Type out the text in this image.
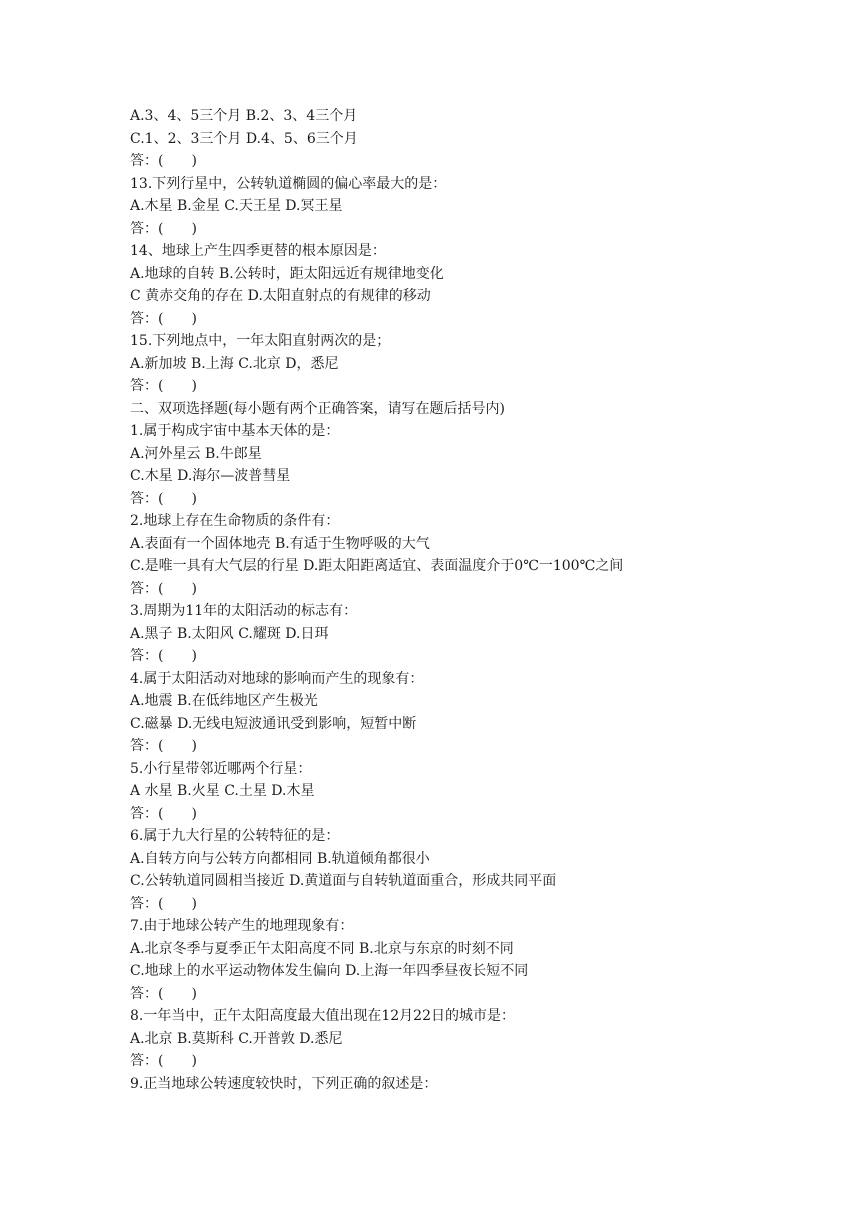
A.3、4、5三个月 B.2、3、4三个月
C.1、2、3三个月 D.4、5、6三个月
答：(　　)
13.下列行星中，公转轨道椭圆的偏心率最大的是：
A.木星 B.金星 C.天王星 D.冥王星
答：(　　)
14、地球上产生四季更替的根本原因是：
A.地球的自转 B.公转时，距太阳远近有规律地变化
C 黄赤交角的存在 D.太阳直射点的有规律的移动
答：(　　)
15.下列地点中，一年太阳直射两次的是；
A.新加坡 B.上海 C.北京 D，悉尼
答：(　　)
二、双项选择题(每小题有两个正确答案，请写在题后括号内)
1.属于构成宇宙中基本天体的是：
A.河外星云 B.牛郎星
C.木星 D.海尔—波普彗星
答：(　　)
2.地球上存在生命物质的条件有：
A.表面有一个固体地壳 B.有适于生物呼吸的大气
C.是唯一具有大气层的行星 D.距太阳距离适宜、表面温度介于0℃一100℃之间
答：(　　)
3.周期为11年的太阳活动的标志有：
A.黑子 B.太阳风 C.耀斑 D.日珥
答：(　　)
4.属于太阳活动对地球的影响而产生的现象有：
A.地震 B.在低纬地区产生极光
C.磁暴 D.无线电短波通讯受到影响，短暂中断
答：(　　)
5.小行星带邻近哪两个行星：
A 水星 B.火星 C.土星 D.木星
答：(　　)
6.属于九大行星的公转特征的是：
A.自转方向与公转方向都相同 B.轨道倾角都很小
C.公转轨道同圆相当接近 D.黄道面与自转轨道面重合，形成共同平面
答：(　　)
7.由于地球公转产生的地理现象有：
A.北京冬季与夏季正午太阳高度不同 B.北京与东京的时刻不同
C.地球上的水平运动物体发生偏向 D.上海一年四季昼夜长短不同
答：(　　)
8.一年当中，正午太阳高度最大值出现在12月22日的城市是：
A.北京 B.莫斯科 C.开普敦 D.悉尼
答：(　　)
9.正当地球公转速度较快时，下列正确的叙述是：
